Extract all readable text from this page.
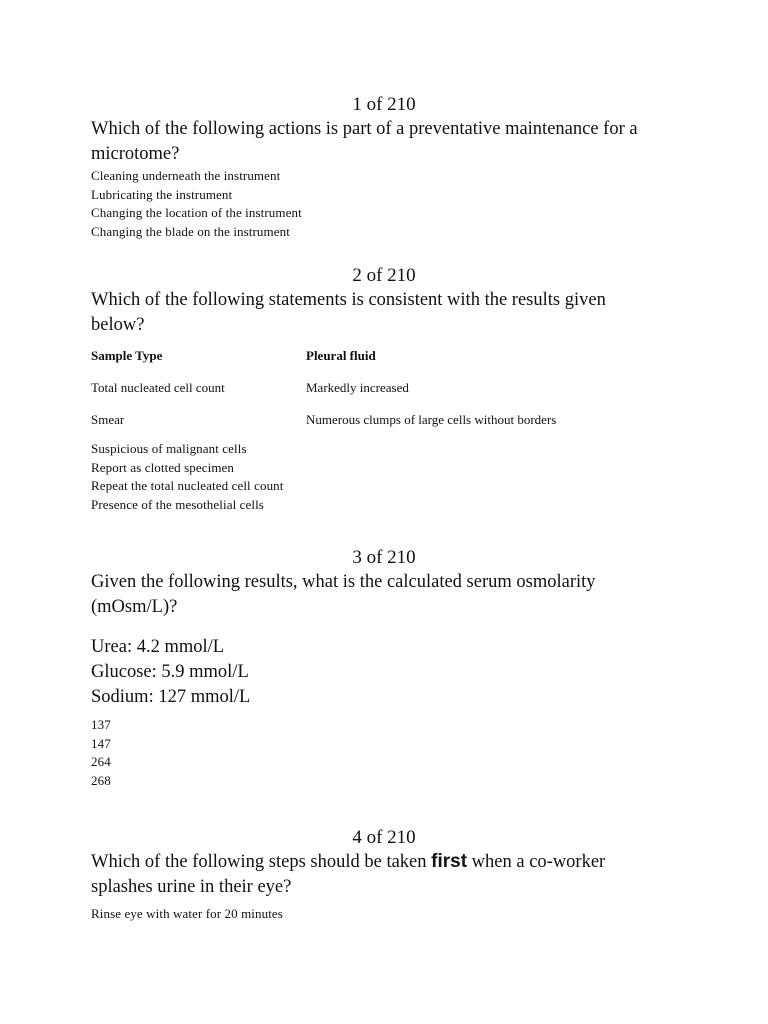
1 of 210
Which of the following actions is part of a preventative maintenance for a microtome?
Cleaning underneath the instrument
Lubricating the instrument
Changing the location of the instrument
Changing the blade on the instrument
2 of 210
Which of the following statements is consistent with the results given below?
Sample Type	Pleural fluid
Total nucleated cell count	Markedly increased
Smear	Numerous clumps of large cells without borders
Suspicious of malignant cells
Report as clotted specimen
Repeat the total nucleated cell count
Presence of the mesothelial cells
3 of 210
Given the following results, what is the calculated serum osmolarity (mOsm/L)?
Urea: 4.2 mmol/L
Glucose: 5.9 mmol/L
Sodium: 127 mmol/L
137
147
264
268
4 of 210
Which of the following steps should be taken first when a co-worker splashes urine in their eye?
Rinse eye with water for 20 minutes
